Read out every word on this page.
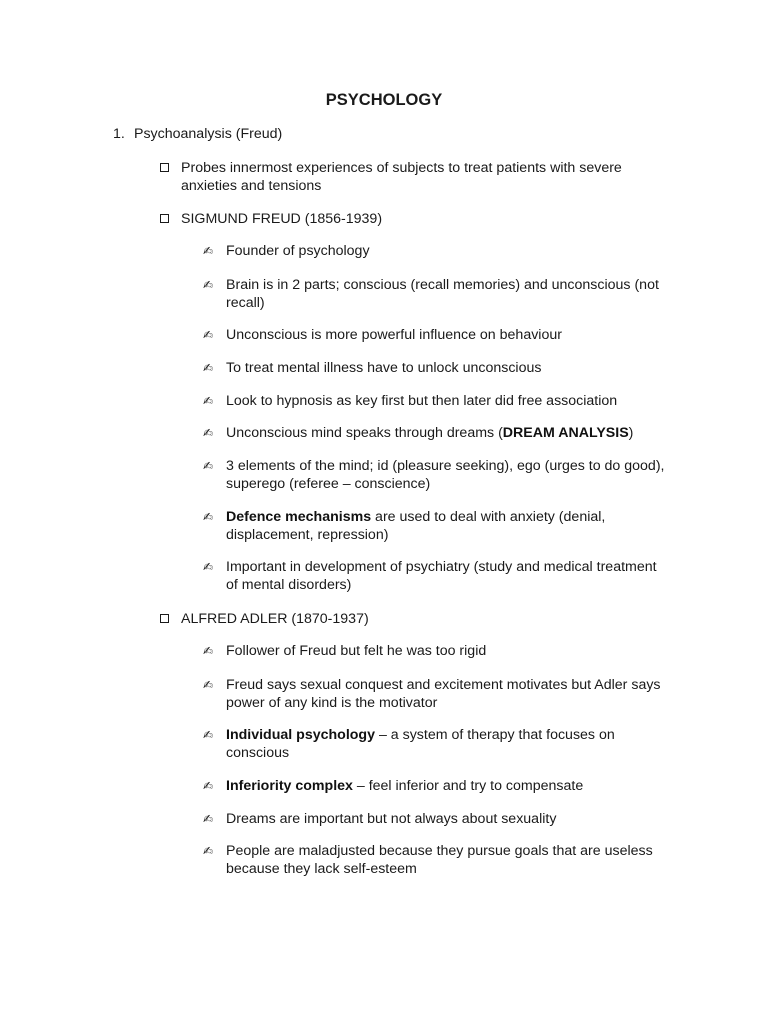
PSYCHOLOGY
1. Psychoanalysis (Freud)
Probes innermost experiences of subjects to treat patients with severe anxieties and tensions
SIGMUND FREUD (1856-1939)
✍ Founder of psychology
✍ Brain is in 2 parts; conscious (recall memories) and unconscious (not recall)
✍ Unconscious is more powerful influence on behaviour
✍ To treat mental illness have to unlock unconscious
✍ Look to hypnosis as key first but then later did free association
✍ Unconscious mind speaks through dreams (DREAM ANALYSIS)
✍ 3 elements of the mind; id (pleasure seeking), ego (urges to do good), superego (referee – conscience)
✍ Defence mechanisms are used to deal with anxiety (denial, displacement, repression)
✍ Important in development of psychiatry (study and medical treatment of mental disorders)
ALFRED ADLER (1870-1937)
✍ Follower of Freud but felt he was too rigid
✍ Freud says sexual conquest and excitement motivates but Adler says power of any kind is the motivator
✍ Individual psychology – a system of therapy that focuses on conscious
✍ Inferiority complex – feel inferior and try to compensate
✍ Dreams are important but not always about sexuality
✍ People are maladjusted because they pursue goals that are useless because they lack self-esteem
